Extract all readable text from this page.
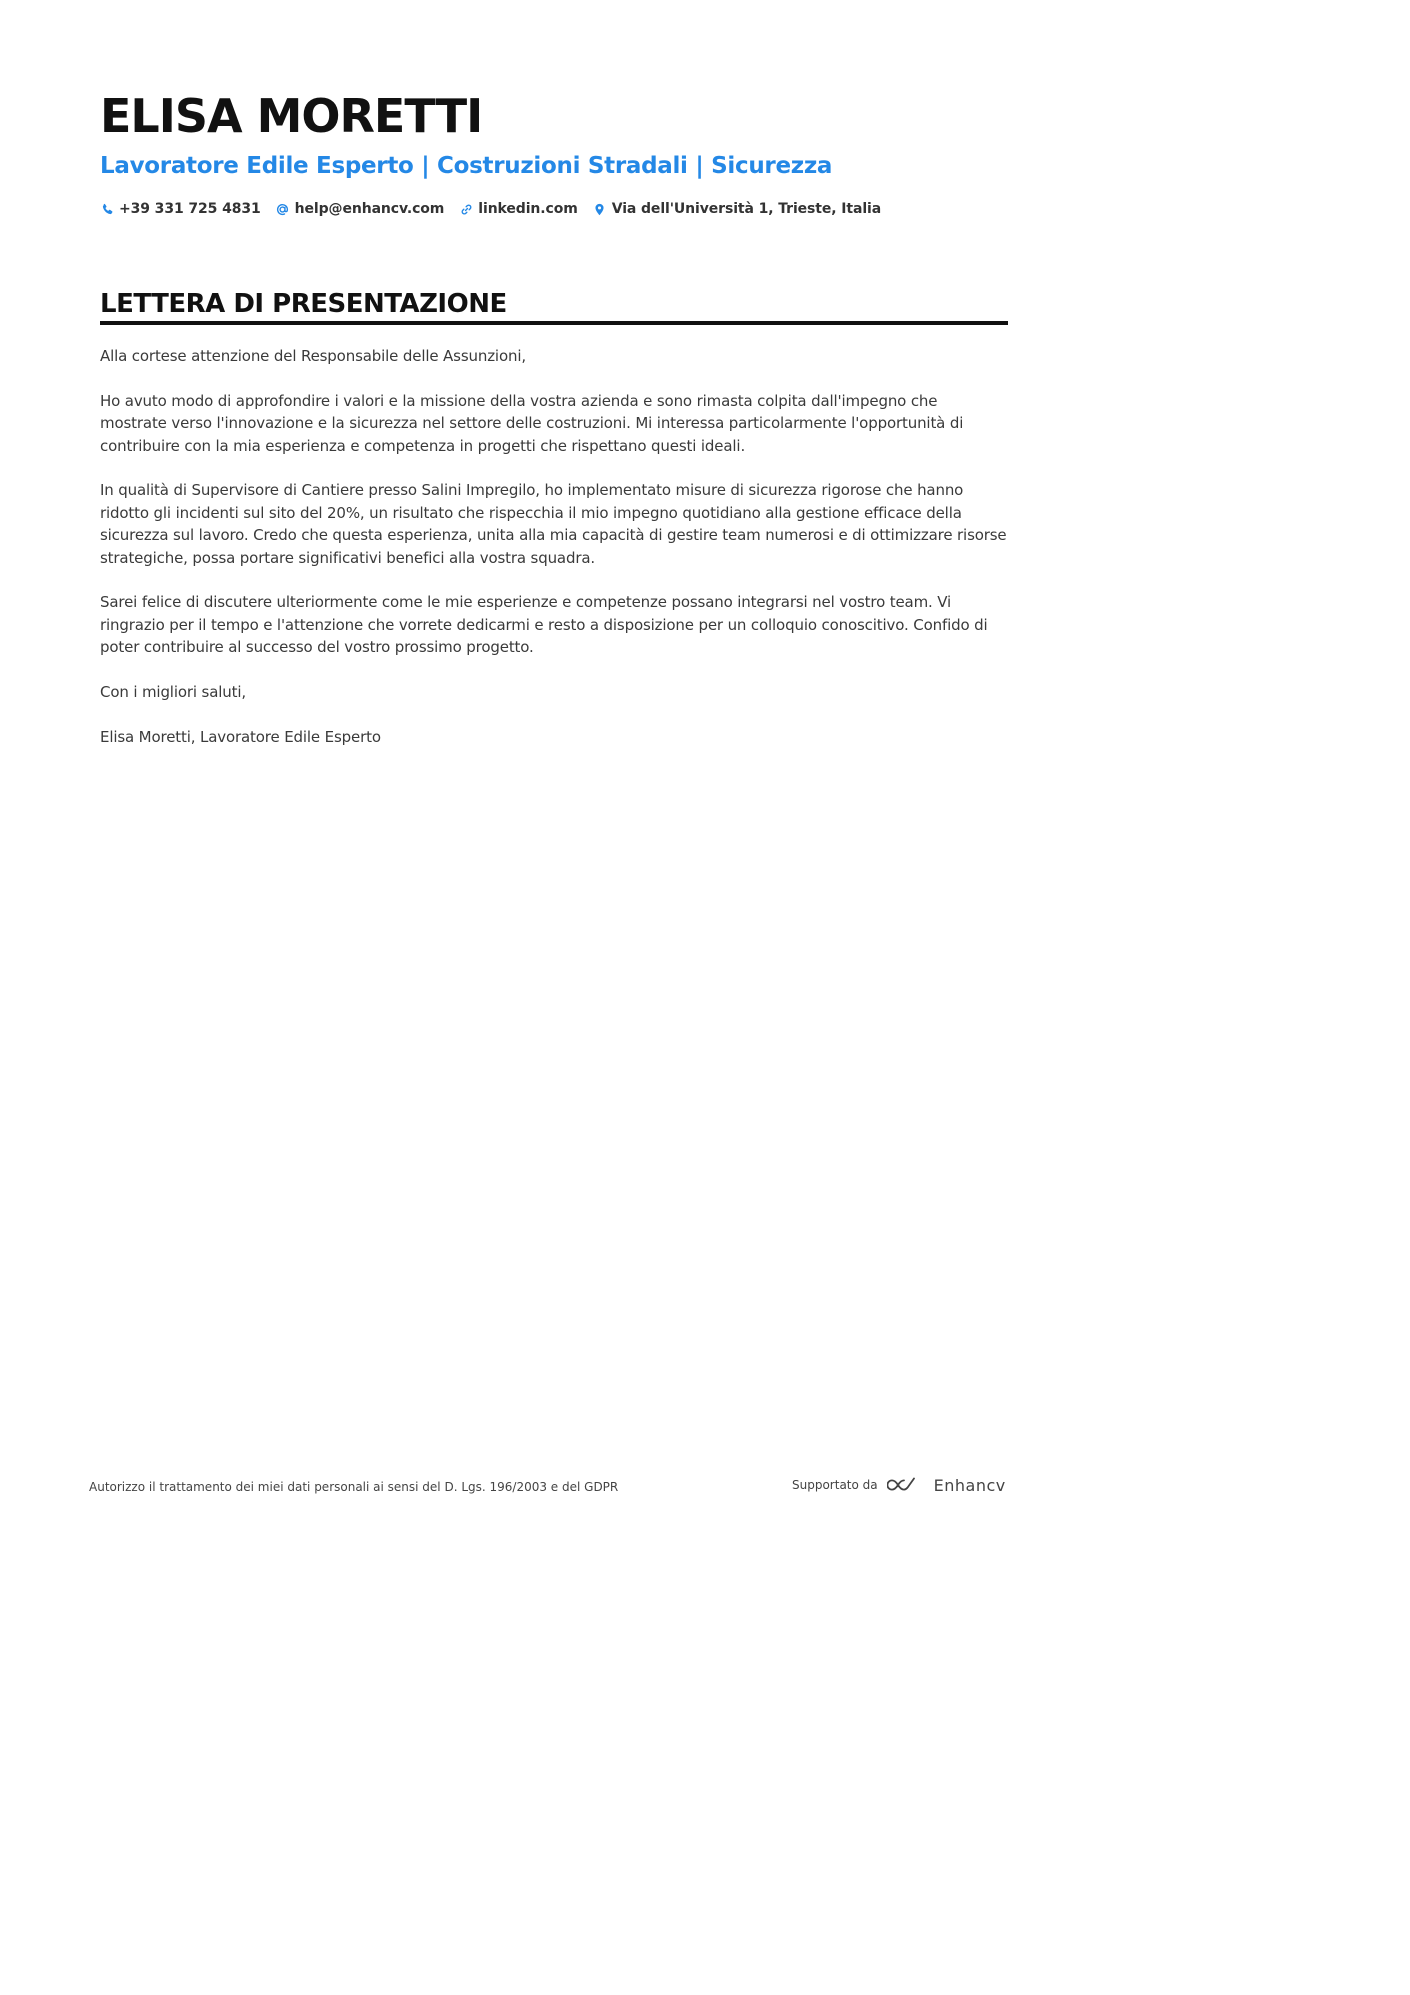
ELISA MORETTI
Lavoratore Edile Esperto | Costruzioni Stradali | Sicurezza
+39 331 725 4831 help@enhancv.com linkedin.com Via dell'Università 1, Trieste, Italia
LETTERA DI PRESENTAZIONE

Alla cortese attenzione del Responsabile delle Assunzioni,

Ho avuto modo di approfondire i valori e la missione della vostra azienda e sono rimasta colpita dall'impegno che mostrate verso l'innovazione e la sicurezza nel settore delle costruzioni. Mi interessa particolarmente l'opportunità di contribuire con la mia esperienza e competenza in progetti che rispettano questi ideali.

In qualità di Supervisore di Cantiere presso Salini Impregilo, ho implementato misure di sicurezza rigorose che hanno ridotto gli incidenti sul sito del 20%, un risultato che rispecchia il mio impegno quotidiano alla gestione efficace della sicurezza sul lavoro. Credo che questa esperienza, unita alla mia capacità di gestire team numerosi e di ottimizzare risorse strategiche, possa portare significativi benefici alla vostra squadra.

Sarei felice di discutere ulteriormente come le mie esperienze e competenze possano integrarsi nel vostro team. Vi ringrazio per il tempo e l'attenzione che vorrete dedicarmi e resto a disposizione per un colloquio conoscitivo. Confido di poter contribuire al successo del vostro prossimo progetto.

Con i migliori saluti,

Elisa Moretti, Lavoratore Edile Esperto

Autorizzo il trattamento dei miei dati personali ai sensi del D. Lgs. 196/2003 e del GDPR	Supportato da	Enhancv
